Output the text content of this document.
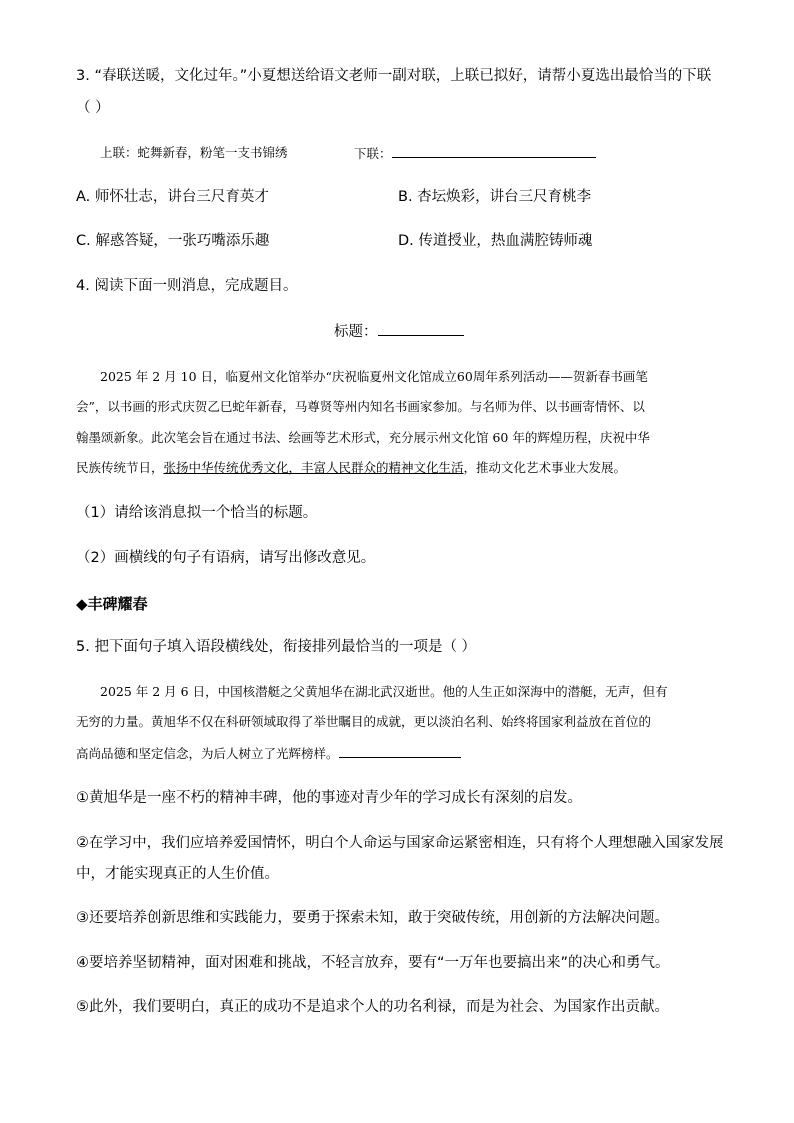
3. “春联送暖，文化过年。”小夏想送给语文老师一副对联，上联已拟好，请帮小夏选出最恰当的下联
（ ）
上联：蛇舞新春，粉笔一支书锦绣	下联：
A. 师怀壮志，讲台三尺育英才	B. 杏坛焕彩，讲台三尺育桃李
C. 解惑答疑，一张巧嘴添乐趣	D. 传道授业，热血满腔铸师魂
4. 阅读下面一则消息，完成题目。
标题：
2025 年 2 月 10 日，临夏州文化馆举办“庆祝临夏州文化馆成立60周年系列活动——贺新春书画笔
会”，以书画的形式庆贺乙巳蛇年新春，马尊贤等州内知名书画家参加。与名师为伴、以书画寄情怀、以
翰墨颂新象。此次笔会旨在通过书法、绘画等艺术形式，充分展示州文化馆 60 年的辉煌历程，庆祝中华
民族传统节日，张扬中华传统优秀文化，丰富人民群众的精神文化生活，推动文化艺术事业大发展。
（1）请给该消息拟一个恰当的标题。
（2）画横线的句子有语病，请写出修改意见。
◆丰碑耀春
5. 把下面句子填入语段横线处，衔接排列最恰当的一项是（ ）
2025 年 2 月 6 日，中国核潜艇之父黄旭华在湖北武汉逝世。他的人生正如深海中的潜艇，无声，但有
无穷的力量。黄旭华不仅在科研领域取得了举世瞩目的成就，更以淡泊名利、始终将国家利益放在首位的
高尚品德和坚定信念，为后人树立了光辉榜样。
①黄旭华是一座不朽的精神丰碑，他的事迹对青少年的学习成长有深刻的启发。
②在学习中，我们应培养爱国情怀，明白个人命运与国家命运紧密相连，只有将个人理想融入国家发展
中，才能实现真正的人生价值。
③还要培养创新思维和实践能力，要勇于探索未知，敢于突破传统，用创新的方法解决问题。
④要培养坚韧精神，面对困难和挑战，不轻言放弃，要有“一万年也要搞出来”的决心和勇气。
⑤此外，我们要明白，真正的成功不是追求个人的功名利禄，而是为社会、为国家作出贡献。
